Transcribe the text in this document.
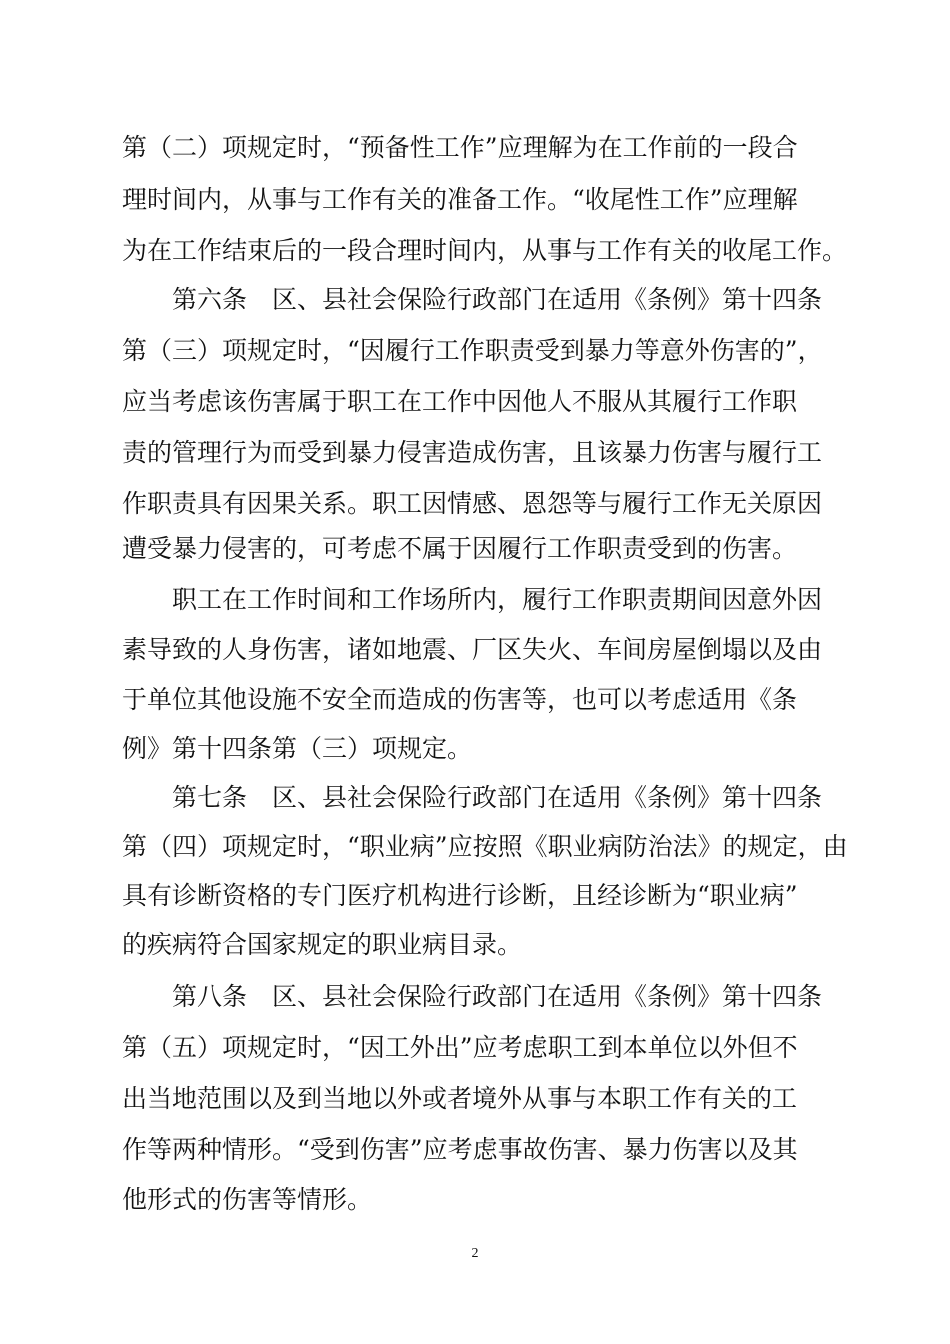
第（二）项规定时，“预备性工作”应理解为在工作前的一段合
理时间内，从事与工作有关的准备工作。“收尾性工作”应理解
为在工作结束后的一段合理时间内，从事与工作有关的收尾工作。
第六条　区、县社会保险行政部门在适用《条例》第十四条
第（三）项规定时，“因履行工作职责受到暴力等意外伤害的”，
应当考虑该伤害属于职工在工作中因他人不服从其履行工作职
责的管理行为而受到暴力侵害造成伤害，且该暴力伤害与履行工
作职责具有因果关系。职工因情感、恩怨等与履行工作无关原因
遭受暴力侵害的，可考虑不属于因履行工作职责受到的伤害。
职工在工作时间和工作场所内，履行工作职责期间因意外因
素导致的人身伤害，诸如地震、厂区失火、车间房屋倒塌以及由
于单位其他设施不安全而造成的伤害等，也可以考虑适用《条
例》第十四条第（三）项规定。
第七条　区、县社会保险行政部门在适用《条例》第十四条
第（四）项规定时，“职业病”应按照《职业病防治法》的规定，由
具有诊断资格的专门医疗机构进行诊断，且经诊断为“职业病”
的疾病符合国家规定的职业病目录。
第八条　区、县社会保险行政部门在适用《条例》第十四条
第（五）项规定时，“因工外出”应考虑职工到本单位以外但不
出当地范围以及到当地以外或者境外从事与本职工作有关的工
作等两种情形。“受到伤害”应考虑事故伤害、暴力伤害以及其
他形式的伤害等情形。
2
